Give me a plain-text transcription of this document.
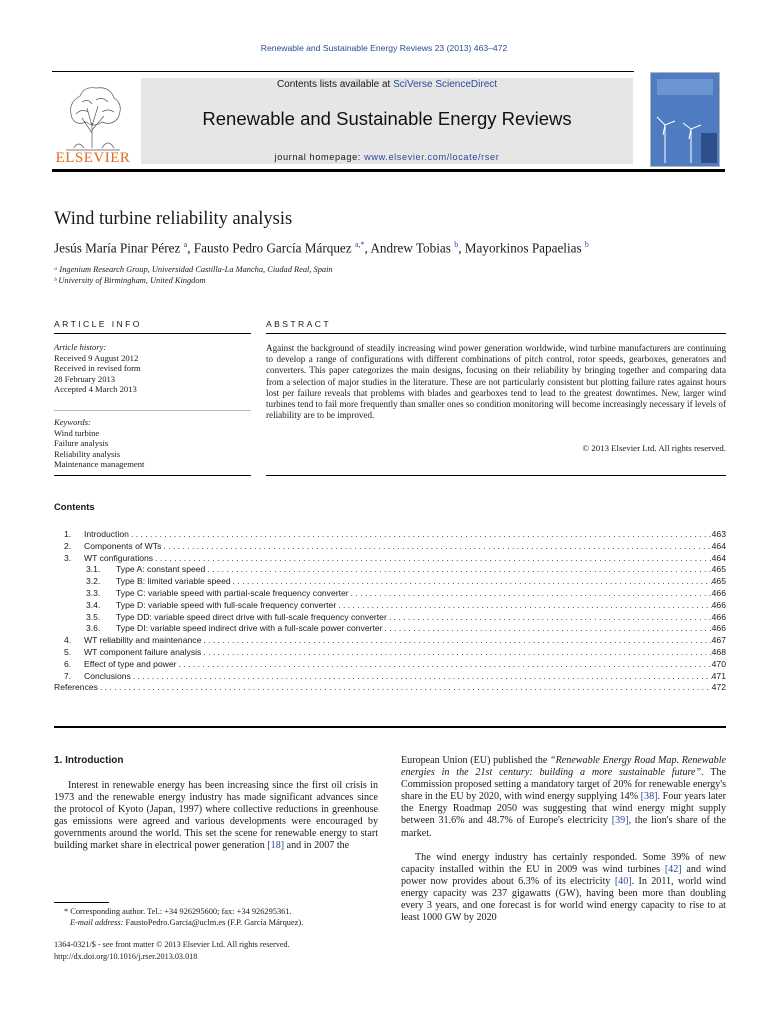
Renewable and Sustainable Energy Reviews 23 (2013) 463–472
ELSEVIER
Contents lists available at SciVerse ScienceDirect
Renewable and Sustainable Energy Reviews
journal homepage: www.elsevier.com/locate/rser
Wind turbine reliability analysis
Jesús María Pinar Pérez $^a$, Fausto Pedro García Márquez $^{a,*}$, Andrew Tobias $^b$, Mayorkinos Papaelias $^b$
ᵃ Ingenium Research Group, Universidad Castilla-La Mancha, Ciudad Real, Spain
ᵇ University of Birmingham, United Kingdom
ARTICLE INFO
Article history:
Received 9 August 2012
Received in revised form
28 February 2013
Accepted 4 March 2013
Keywords:
Wind turbine
Failure analysis
Reliability analysis
Maintenance management
ABSTRACT
Against the background of steadily increasing wind power generation worldwide, wind turbine manufacturers are continuing to develop a range of configurations with different combinations of pitch control, rotor speeds, gearboxes, generators and converters. This paper categorizes the main designs, focusing on their reliability by bringing together and comparing data from a selection of major studies in the literature. These are not particularly consistent but plotting failure rates against hours lost per failure reveals that problems with blades and gearboxes tend to lead to the greatest downtimes. New, larger wind turbines tend to fail more frequently than smaller ones so condition monitoring will become increasingly necessary if levels of reliability are to be improved.
© 2013 Elsevier Ltd. All rights reserved.
Contents
1.	Introduction . . .	463
2.	Components of WTs . . .	464
3.	WT configurations . . .	464
3.1.	Type A: constant speed . . .	465
3.2.	Type B: limited variable speed . . .	465
3.3.	Type C: variable speed with partial-scale frequency converter . . .	466
3.4.	Type D: variable speed with full-scale frequency converter . . .	466
3.5.	Type DD: variable speed direct drive with full-scale frequency converter . . .	466
3.6.	Type DI: variable speed indirect drive with a full-scale power converter . . .	466
4.	WT reliability and maintenance . . .	467
5.	WT component failure analysis . . .	468
6.	Effect of type and power . . .	470
7.	Conclusions . . .	471
References . . .	472
1. Introduction
Interest in renewable energy has been increasing since the first oil crisis in 1973 and the renewable energy industry has made significant advances since the protocol of Kyoto (Japan, 1997) where collective reductions in greenhouse gas emissions were agreed and various developments were encouraged by governments around the world. This set the scene for renewable energy to start building market share in electrical power generation [18] and in 2007 the
European Union (EU) published the “Renewable Energy Road Map. Renewable energies in the 21st century: building a more sustainable future”. The Commission proposed setting a mandatory target of 20% for renewable energy's share in the EU by 2020, with wind energy supplying 14% [38]. Four years later the Energy Roadmap 2050 was suggesting that wind energy might supply between 31.6% and 48.7% of Europe's electricity [39], the lion's share of the market.
The wind energy industry has certainly responded. Some 39% of new capacity installed within the EU in 2009 was wind turbines [42] and wind power now provides about 6.3% of its electricity [40]. In 2011, world wind energy capacity was 237 gigawatts (GW), having been more than doubling every 3 years, and one forecast is for world wind energy capacity to rise to at least 1000 GW by 2020
* Corresponding author. Tel.: +34 926295600; fax: +34 926295361.
E-mail address: FaustoPedro.Garcia@uclm.es (F.P. García Márquez).
1364-0321/$ - see front matter © 2013 Elsevier Ltd. All rights reserved.
http://dx.doi.org/10.1016/j.rser.2013.03.018
